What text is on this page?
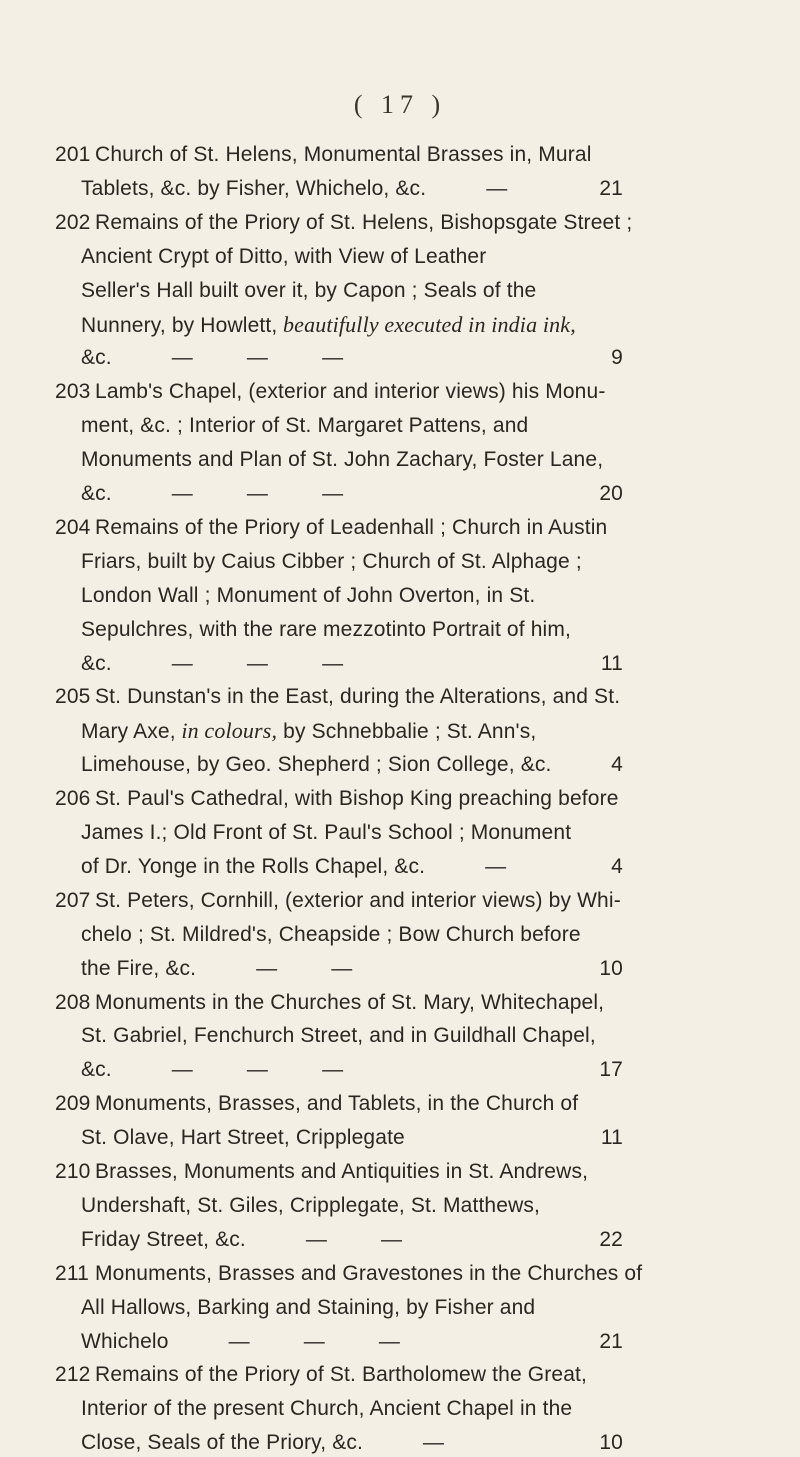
( 17 )
201 Church of St. Helens, Monumental Brasses in, Mural
Tablets, &c. by Fisher, Whichelo, &c.	—	21
202 Remains of the Priory of St. Helens, Bishopsgate Street ;
Ancient Crypt of Ditto, with View of Leather
Seller's Hall built over it, by Capon ; Seals of the
Nunnery, by Howlett, beautifully executed in india ink,
&c.	— — —	9
203 Lamb's Chapel, (exterior and interior views) his Monu-
ment, &c. ; Interior of St. Margaret Pattens, and
Monuments and Plan of St. John Zachary, Foster Lane,
&c.	— — —	20
204 Remains of the Priory of Leadenhall ; Church in Austin
Friars, built by Caius Cibber ; Church of St. Alphage ;
London Wall ; Monument of John Overton, in St.
Sepulchres, with the rare mezzotinto Portrait of him,
&c.	— — —	11
205 St. Dunstan's in the East, during the Alterations, and St.
Mary Axe, in colours, by Schnebbalie ; St. Ann's,
Limehouse, by Geo. Shepherd ; Sion College, &c.	4
206 St. Paul's Cathedral, with Bishop King preaching before
James I.; Old Front of St. Paul's School ; Monument
of Dr. Yonge in the Rolls Chapel, &c.	—	4
207 St. Peters, Cornhill, (exterior and interior views) by Whi-
chelo ; St. Mildred's, Cheapside ; Bow Church before
the Fire, &c.	— —	10
208 Monuments in the Churches of St. Mary, Whitechapel,
St. Gabriel, Fenchurch Street, and in Guildhall Chapel,
&c.	— — —	17
209 Monuments, Brasses, and Tablets, in the Church of
St. Olave, Hart Street, Cripplegate	11
210 Brasses, Monuments and Antiquities in St. Andrews,
Undershaft, St. Giles, Cripplegate, St. Matthews,
Friday Street, &c.	— —	22
211 Monuments, Brasses and Gravestones in the Churches of
All Hallows, Barking and Staining, by Fisher and
Whichelo	— — —	21
212 Remains of the Priory of St. Bartholomew the Great,
Interior of the present Church, Ancient Chapel in the
Close, Seals of the Priory, &c.	—	10
